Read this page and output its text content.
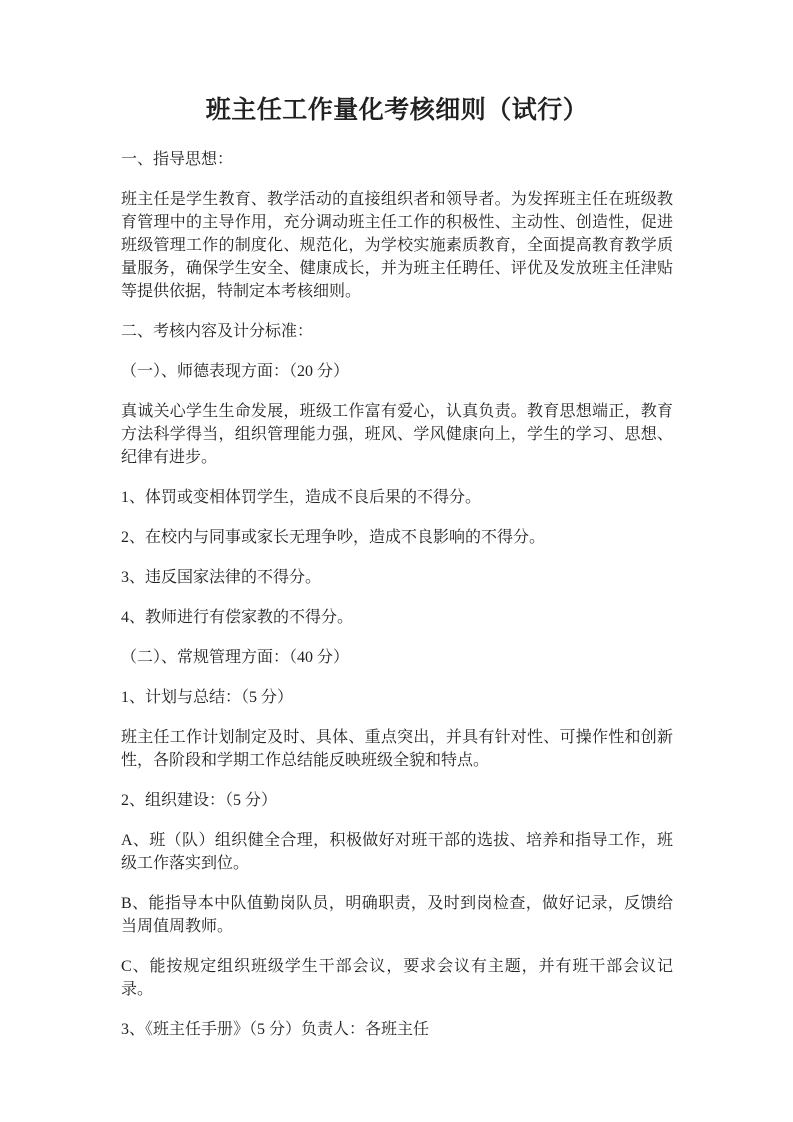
班主任工作量化考核细则（试行）

一、指导思想：

班主任是学生教育、教学活动的直接组织者和领导者。为发挥班主任在班级教育管理中的主导作用，充分调动班主任工作的积极性、主动性、创造性，促进班级管理工作的制度化、规范化，为学校实施素质教育，全面提高教育教学质量服务，确保学生安全、健康成长，并为班主任聘任、评优及发放班主任津贴等提供依据，特制定本考核细则。

二、考核内容及计分标准：

（一）、师德表现方面：（20 分）

真诚关心学生生命发展，班级工作富有爱心，认真负责。教育思想端正，教育方法科学得当，组织管理能力强，班风、学风健康向上，学生的学习、思想、纪律有进步。

1、体罚或变相体罚学生，造成不良后果的不得分。

2、在校内与同事或家长无理争吵，造成不良影响的不得分。

3、违反国家法律的不得分。

4、教师进行有偿家教的不得分。

（二）、常规管理方面：（40 分）

1、计划与总结：（5 分）

班主任工作计划制定及时、具体、重点突出，并具有针对性、可操作性和创新性，各阶段和学期工作总结能反映班级全貌和特点。

2、组织建设：（5 分）

A、班（队）组织健全合理，积极做好对班干部的选拔、培养和指导工作，班级工作落实到位。

B、能指导本中队值勤岗队员，明确职责，及时到岗检查，做好记录，反馈给当周值周教师。

C、能按规定组织班级学生干部会议，要求会议有主题，并有班干部会议记录。

3、《班主任手册》（5 分）负责人：各班主任
